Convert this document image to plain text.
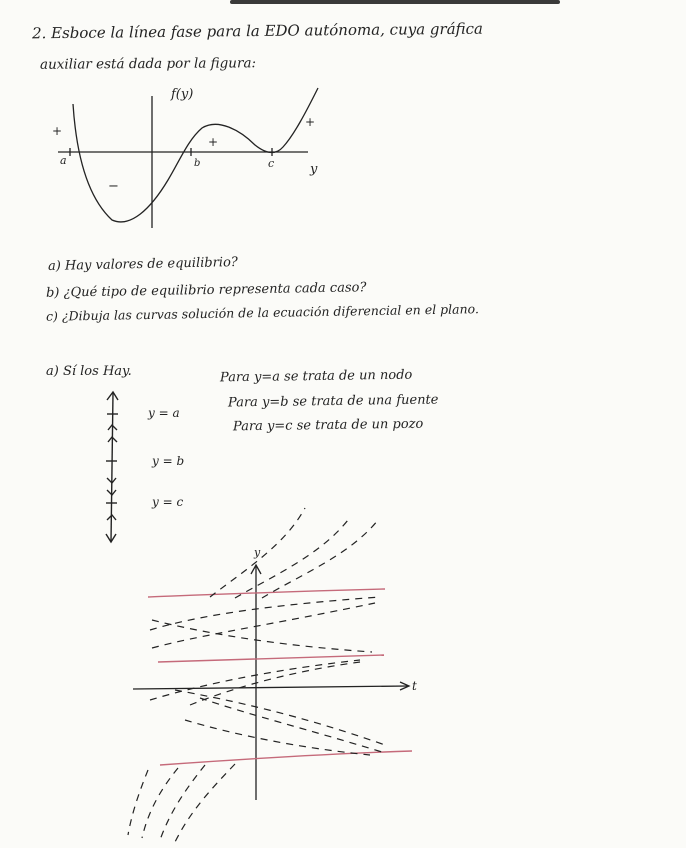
2. Esboce la línea fase para la EDO autónoma, cuya gráfica
auxiliar está dada por la figura:
f(y)
y
a	b	c
+
−
+
+
a) Hay valores de equilibrio?
b) ¿Qué tipo de equilibrio representa cada caso?
c) ¿Dibuja las curvas solución de la ecuación diferencial en el plano.
a) Sí los Hay.
y = a
y = b
y = c
Para y=a se trata de un nodo
Para y=b se trata de una fuente
Para y=c se trata de un pozo
y
t
